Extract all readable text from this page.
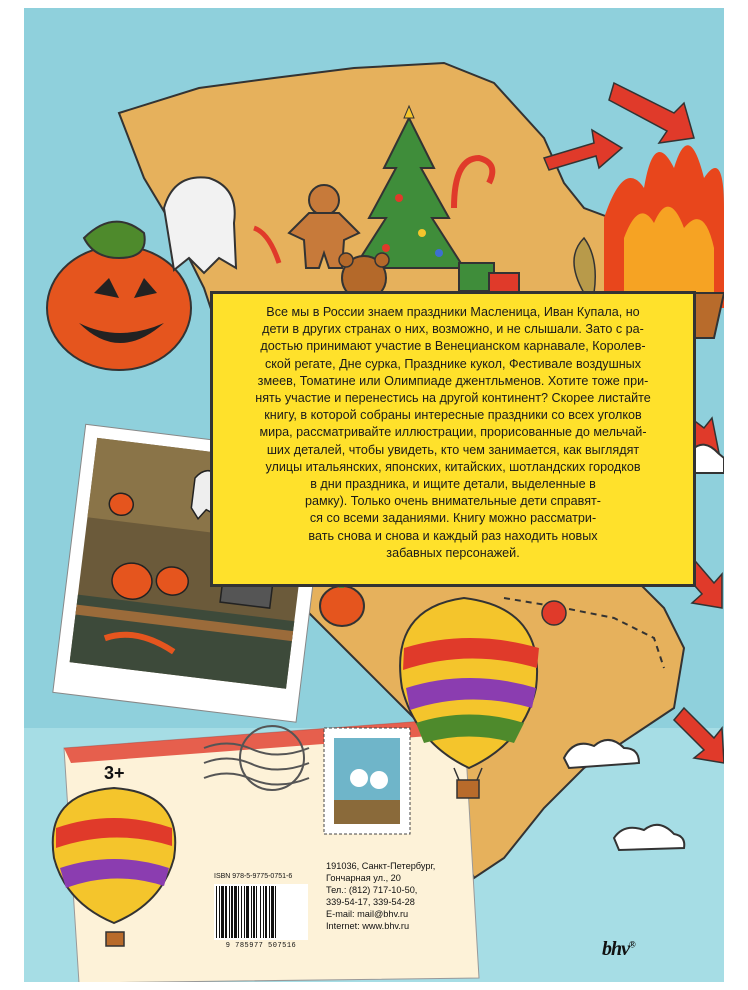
Все мы в России знаем праздники Масленица, Иван Купала, но
дети в других странах о них, возможно, и не слышали. Зато с ра-
достью принимают участие в Венецианском карнавале, Королев-
ской регате, Дне сурка, Празднике кукол, Фестивале воздушных
змеев, Томатине или Олимпиаде джентльменов. Хотите тоже при-
нять участие и перенестись на другой континент? Скорее листайте
книгу, в которой собраны интересные праздники со всех уголков
мира, рассматривайте иллюстрации, прорисованные до мельчай-
ших деталей, чтобы увидеть, кто чем занимается, как выглядят
улицы итальянских, японских, китайских, шотландских городков
в дни праздника, и ищите детали, выделенные в
рамку). Только очень внимательные дети справят-
ся со всеми заданиями. Книгу можно рассматри-
вать снова и снова и каждый раз находить новых
забавных персонажей.

3+
ISBN 978-5-9775-0751-6
9 785977 507516
191036, Санкт-Петербург,
Гончарная ул., 20
Тел.: (812) 717-10-50,
339-54-17, 339-54-28
E-mail: mail@bhv.ru
Internet: www.bhv.ru
bhv®
